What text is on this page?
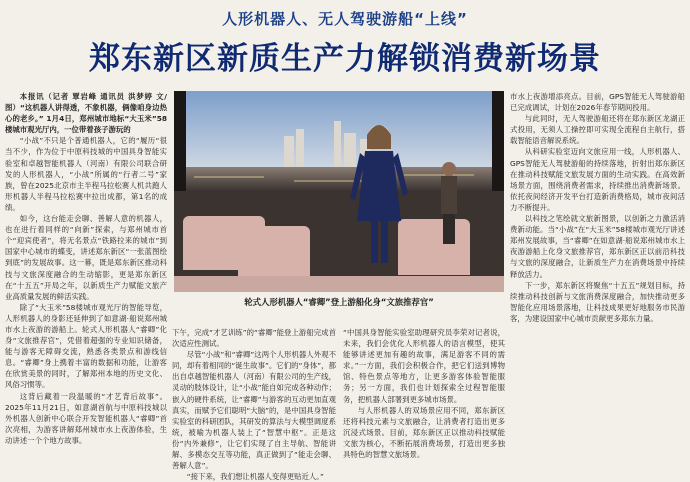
人形机器人、无人驾驶游船“上线”
郑东新区新质生产力解锁消费新场景

本报讯（记者 覃岩峰 通讯员 洪梦婷 文/图）“这机器人讲得透，不象机器，俩像咱身边热心的老乡。” 1月4日，郑州城市地标“大玉米”58楼城市观光厅内，一位带着孩子游玩的

“小战”不只是个普通机器人，它的“履历“很当不少，作为位于中原科技城的中国具身智能实验室和卓越智能机器人（河南）有限公司联合研发的人形机器人，“小战”所属的“行者二号”家族，曾在2025北京市主半程马拉松赛人机共跑人形机器人半程马拉松赛中拉出成都，第1名的成绩。

如今，这台能走会聊、善解人意的机器人，也在进行着同样的“向新”探索，与郑州城市首个“迎宾使者”，将无名景点“铁路拉来的城市”到国家中心城市的蝶变，讲述郑东新区“一张蓝图绘到底”的发展故事。这一幕，既是郑东新区推动科技与文旅深度融合的生动缩影，更是郑东新区在“十五五”开局之年，以新质生产力赋能文旅产业高质量发展的鲜活实践。

除了“大玉米”58楼城市观光厅的智能导览，人形机器人的身影还延伸到了如意湖·船说郑州城市水上夜游的游船上。轮式人形机器人“睿卿”化身“文旅推荐官”，凭借着超强的专业知识储备，能与游客无障碍交流，熟悉各类景点和游线信息。“睿卿”身上携着丰富的数据和功能，让游客在欣赏美景的同时，了解郑州本地的历史文化、风俗习惯等。

这背后藏着一段温暖的“才艺背后故事”。2025年11月21日，如意湖首航与中原科技城以外机器人创新中心联合开发智能机器人“睿卿”首次亮相，为游客讲解郑州城市水上夜游体验，生动讲述一个个地方故事。

轮式人形机器人“睿卿”登上游船化身“文旅推荐官”

下午，完成“才艺训练”的“睿卿”能登上游船完成首次适应性测试。

尽管“小战”和“睿卿”这两个人形机器人外观不同，却有着相同的“诞生故事”。它们的“身体”，都出自卓越智能机器人（河南）有限公司的生产线，灵动的肢体设计，让“小战”能自如完成各种动作；嵌入的硬件系统，让“睿卿”与游客的互动更加直观真实，而赋予它们聪明“大脑”的，是中国具身智能实验室的科研团队，其研发的算法与大模型调度系统，被喻为机器人装上了“智慧中枢”。正是这份“内外兼修”，让它们实现了自主导航、智能讲解、多模态交互等功能，真正做到了“能走会聊、善解人意”。

“接下来，我们想让机器人变得更贴近人。”

“中国具身智能实验室助理研究员李荣对记者说，未来，我们会优化人形机器人的语言模型，使其能够讲述更加有趣的故事，满足游客不同的需求。”一方面，我们会积极合作，把它们送到博物馆、特色景点等地方，让更多游客体验智能服务；另一方面，我们也计划探索全过程智能服务，把机器人部署到更多城市场景。

与人形机器人的双场景应用不同，郑东新区还将科技元素与文旅融合，让消费者打造出更多沉浸式场景。目前，郑东新区正以推动科技赋能文旅为核心，不断拓展消费场景，打造出更多独具特色的智慧文旅场景。

市水上夜游增添亮点。目前，GPS智能无人驾驶游船已完成调试，计划在2026年春节期间投用。

与此同时，无人驾驶游船还将在郑东新区龙湖正式投用，无须人工操控即可实现全流程自主航行，搭载智能语音解说系统。

从科研实验室迈向文旅应用一线，人形机器人、GPS智能无人驾驶游船的持续落地，折射出郑东新区在推动科技赋能文旅发展方面的生动实践。在高效新场景方面，围绕消费者需求，持续推出消费新场景。依托夜间经济开发平台打造新消费格局，城市夜间活力不断提升。

以科技之笔绘就文旅新图景，以创新之力激活消费新动能。当“小战”在“大玉米”58楼城市观光厅讲述郑州发展故事，当“睿卿”在如意湖·船说郑州城市水上夜游游船上化身文旅推荐官，郑东新区正以前沿科技与文旅的深度融合，让新质生产力在消费场景中持续释放活力。

下一步，郑东新区将聚焦“十五五”规划目标，持续推动科技创新与文旅消费深度融合，加快推动更多智能化应用场景落地，让科技成果更好地服务市民游客，为建设国家中心城市贡献更多郑东力量。
